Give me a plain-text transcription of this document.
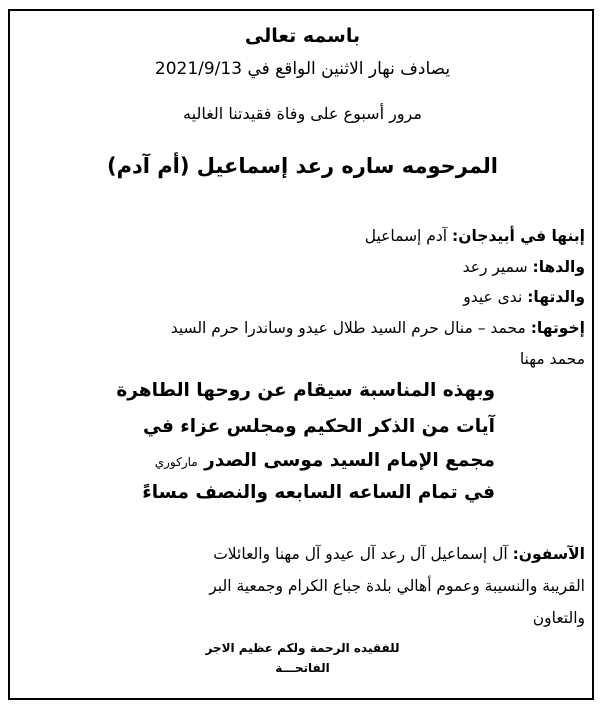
باسمه تعالى
يصادف نهار الاثنين الواقع في 2021/9/13
مرور أسبوع على وفاة فقيدتنا الغاليه
المرحومه ساره رعد إسماعيل (أم آدم)
إبنها في أبيدجان: آدم إسماعيل
والدها: سمير رعد
والدتها: ندى عيدو
إخوتها: محمد – منال حرم السيد طلال عيدو وساندرا حرم السيد
محمد مهنا
وبهذه المناسبة سيقام عن روحها الطاهرة
آيات من الذكر الحكيم ومجلس عزاء في
مجمع الإمام السيد موسى الصدر ماركوري
في تمام الساعه السابعه والنصف مساءً
الآسفون: آل إسماعيل آل رعد آل عيدو آل مهنا والعائلات
القريبة والنسيبة وعموم أهالي بلدة جباع الكرام وجمعية البر
والتعاون
للفقيده الرحمة ولكم عظيم الاجر
الفاتحـــة
